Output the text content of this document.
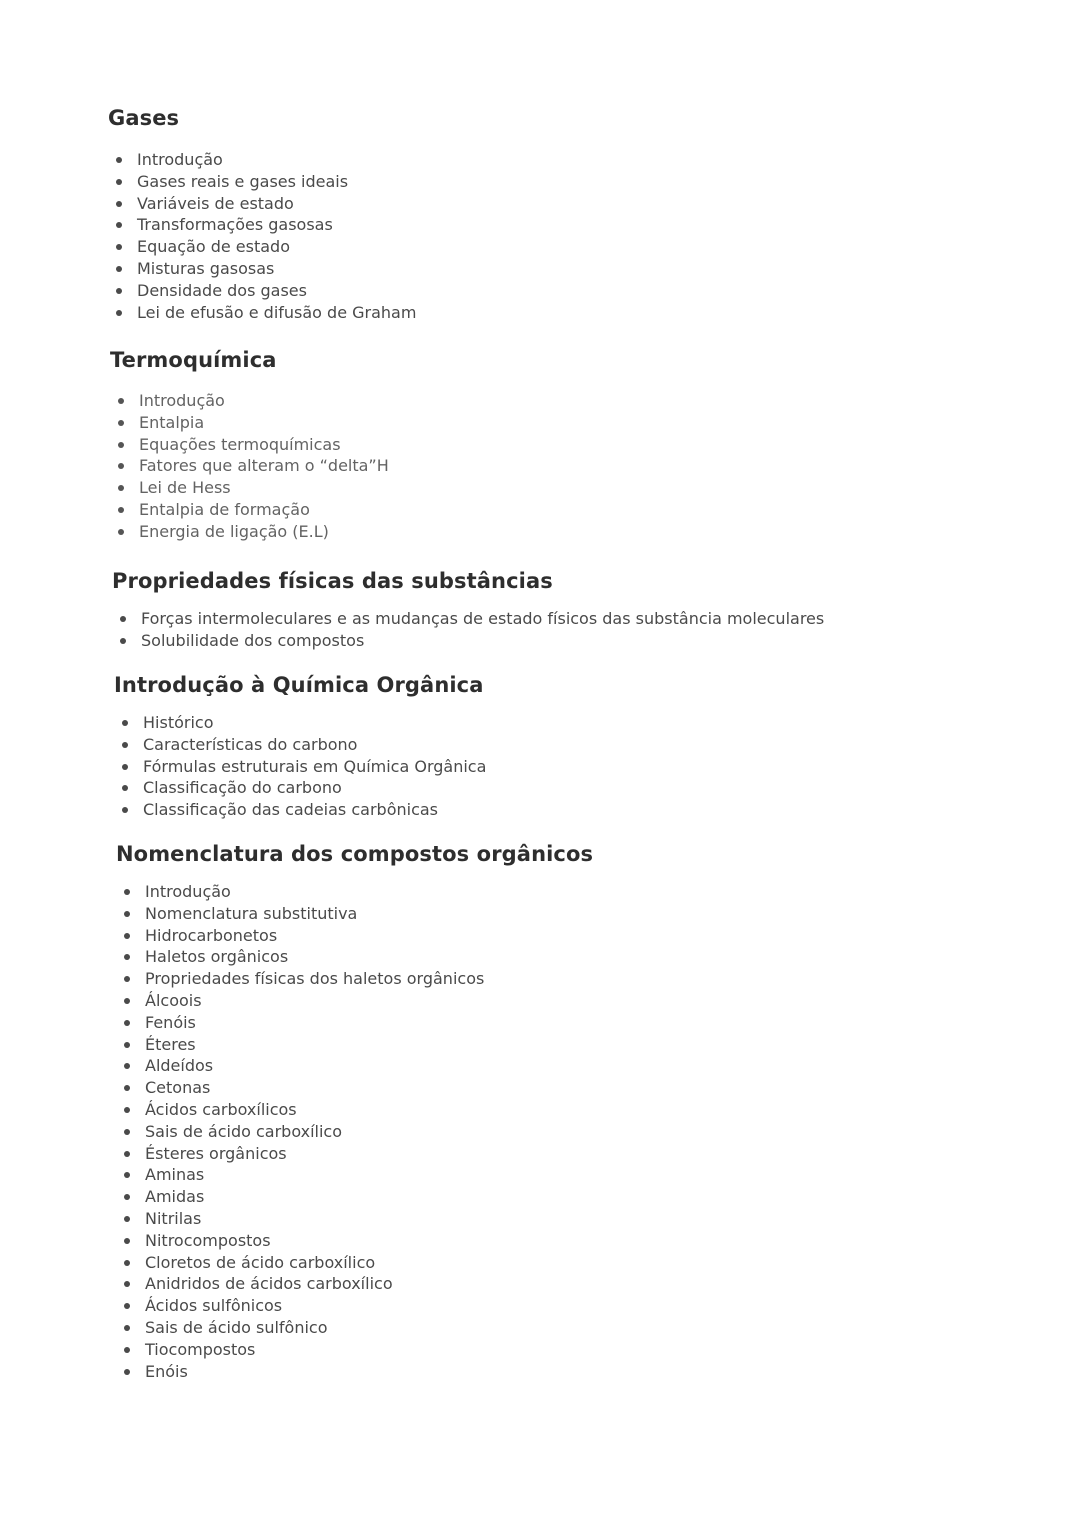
Gases
Introdução
Gases reais e gases ideais
Variáveis de estado
Transformações gasosas
Equação de estado
Misturas gasosas
Densidade dos gases
Lei de efusão e difusão de Graham
Termoquímica
Introdução
Entalpia
Equações termoquímicas
Fatores que alteram o “delta”H
Lei de Hess
Entalpia de formação
Energia de ligação (E.L)
Propriedades físicas das substâncias
Forças intermoleculares e as mudanças de estado físicos das substância moleculares
Solubilidade dos compostos
Introdução à Química Orgânica
Histórico
Características do carbono
Fórmulas estruturais em Química Orgânica
Classificação do carbono
Classificação das cadeias carbônicas
Nomenclatura dos compostos orgânicos
Introdução
Nomenclatura substitutiva
Hidrocarbonetos
Haletos orgânicos
Propriedades físicas dos haletos orgânicos
Álcoois
Fenóis
Éteres
Aldeídos
Cetonas
Ácidos carboxílicos
Sais de ácido carboxílico
Ésteres orgânicos
Aminas
Amidas
Nitrilas
Nitrocompostos
Cloretos de ácido carboxílico
Anidridos de ácidos carboxílico
Ácidos sulfônicos
Sais de ácido sulfônico
Tiocompostos
Enóis
